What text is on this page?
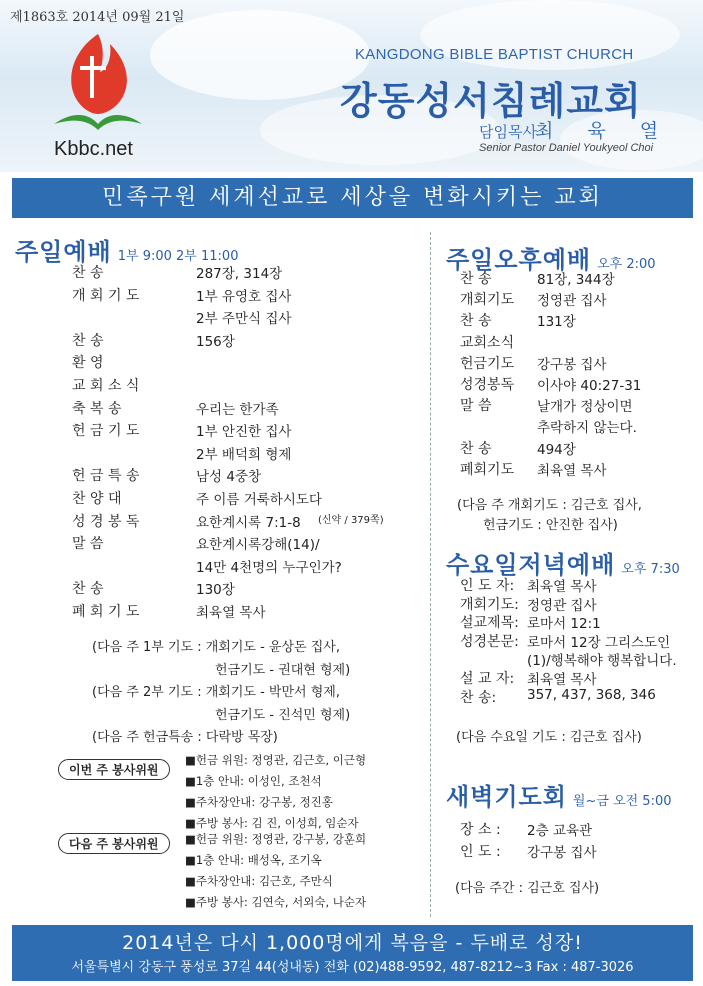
제1863호 2014년 09월 21일
Kbbc.net
KANGDONG BIBLE BAPTIST CHURCH
강동성서침례교회
담임목사
최 육 열
Senior Pastor Daniel Youkyeol Choi
민족구원 세계선교로 세상을 변화시키는 교회
주일예배 1부 9:00 2부 11:00
찬 송	287장, 314장
개 회 기 도	1부 유영호 집사
2부 주만식 집사
찬 송	156장
환 영
교 회 소 식
축 복 송	우리는 한가족
헌 금 기 도	1부 안진한 집사
2부 배덕희 형제
헌 금 특 송	남성 4중창
찬 양 대	주 이름 거룩하시도다
성 경 봉 독	요한계시록 7:1-8
말 씀	요한계시록강해(14)/
14만 4천명의 누구인가?
찬 송	130장
폐 회 기 도	최육열 목사
(신약 / 379쪽)
(다음 주 1부 기도 : 개회기도 - 윤상돈 집사,
헌금기도 - 권대현 형제)
(다음 주 2부 기도 : 개회기도 - 박만서 형제,
헌금기도 - 진석민 형제)
(다음 주 헌금특송 : 다락방 목장)
이번 주 봉사위원
다음 주 봉사위원
■헌금 위원: 정영관, 김근호, 이근형
■1층 안내: 이성인, 조천석
■주차장안내: 강구봉, 정진홍
■주방 봉사: 김 진, 이성희, 임순자
■헌금 위원: 정영관, 강구봉, 강훈희
■1층 안내: 배성옥, 조기옥
■주차장안내: 김근호, 주만식
■주방 봉사: 김연숙, 서외숙, 나순자
주일오후예배 오후 2:00
찬 송	81장, 344장
개회기도 정영관 집사
찬 송	131장
교회소식
헌금기도 강구봉 집사
성경봉독 이사야 40:27-31
말 씀	날개가 정상이면
추락하지 않는다.
찬 송	494장
폐회기도 최육열 목사
(다음 주 개회기도 : 김근호 집사,
헌금기도 : 안진한 집사)
수요일저녁예배 오후 7:30
인 도 자: 최육열 목사
개회기도: 정영관 집사
설교제목: 로마서 12:1
성경본문: 로마서 12장 그리스도인
(1)/행복해야 행복합니다.
설 교 자: 최육열 목사
찬 송: 357, 437, 368, 346
(다음 수요일 기도 : 김근호 집사)
새벽기도회 월~금 오전 5:00
장 소 : 2층 교육관
인 도 : 강구봉 집사
(다음 주간 : 김근호 집사)
2014년은 다시 1,000명에게 복음을 - 두배로 성장!
서울특별시 강동구 풍성로 37길 44(성내동) 전화 (02)488-9592, 487-8212~3 Fax : 487-3026
